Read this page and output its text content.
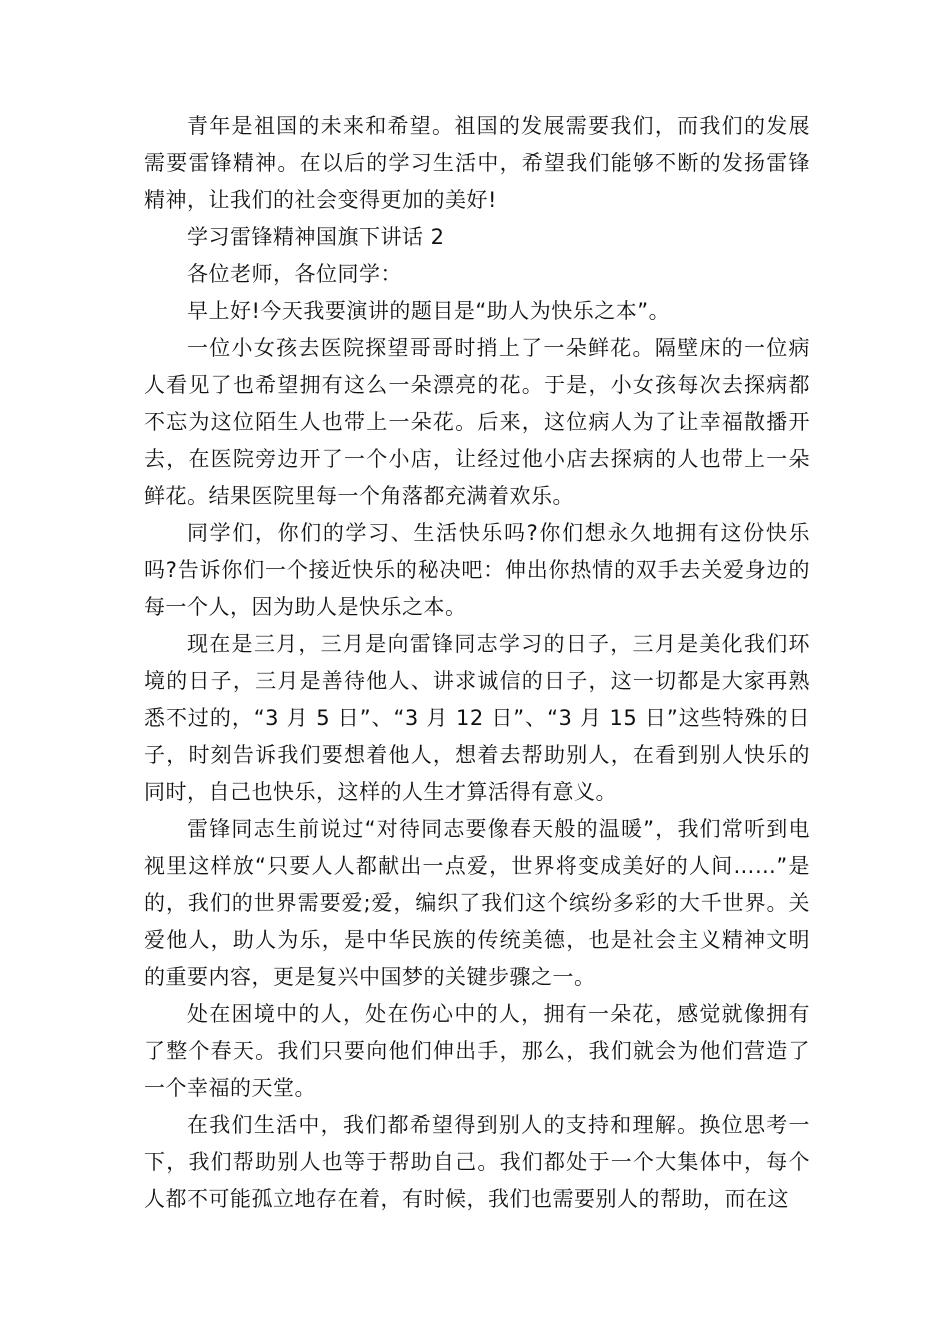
青年是祖国的未来和希望。祖国的发展需要我们，而我们的发展需要雷锋精神。在以后的学习生活中，希望我们能够不断的发扬雷锋精神，让我们的社会变得更加的美好!

学习雷锋精神国旗下讲话 2

各位老师，各位同学：

早上好!今天我要演讲的题目是“助人为快乐之本”。

一位小女孩去医院探望哥哥时捎上了一朵鲜花。隔壁床的一位病人看见了也希望拥有这么一朵漂亮的花。于是，小女孩每次去探病都不忘为这位陌生人也带上一朵花。后来，这位病人为了让幸福散播开去，在医院旁边开了一个小店，让经过他小店去探病的人也带上一朵鲜花。结果医院里每一个角落都充满着欢乐。

同学们，你们的学习、生活快乐吗?你们想永久地拥有这份快乐吗?告诉你们一个接近快乐的秘决吧：伸出你热情的双手去关爱身边的每一个人，因为助人是快乐之本。

现在是三月，三月是向雷锋同志学习的日子，三月是美化我们环境的日子，三月是善待他人、讲求诚信的日子，这一切都是大家再熟悉不过的，“3 月 5 日”、“3 月 12 日”、“3 月 15 日”这些特殊的日子，时刻告诉我们要想着他人，想着去帮助别人，在看到别人快乐的同时，自己也快乐，这样的人生才算活得有意义。

雷锋同志生前说过“对待同志要像春天般的温暖”，我们常听到电视里这样放“只要人人都献出一点爱，世界将变成美好的人间……”是的，我们的世界需要爱;爱，编织了我们这个缤纷多彩的大千世界。关爱他人，助人为乐，是中华民族的传统美德，也是社会主义精神文明的重要内容，更是复兴中国梦的关键步骤之一。

处在困境中的人，处在伤心中的人，拥有一朵花，感觉就像拥有了整个春天。我们只要向他们伸出手，那么，我们就会为他们营造了一个幸福的天堂。

在我们生活中，我们都希望得到别人的支持和理解。换位思考一下，我们帮助别人也等于帮助自己。我们都处于一个大集体中，每个人都不可能孤立地存在着，有时候，我们也需要别人的帮助，而在这
